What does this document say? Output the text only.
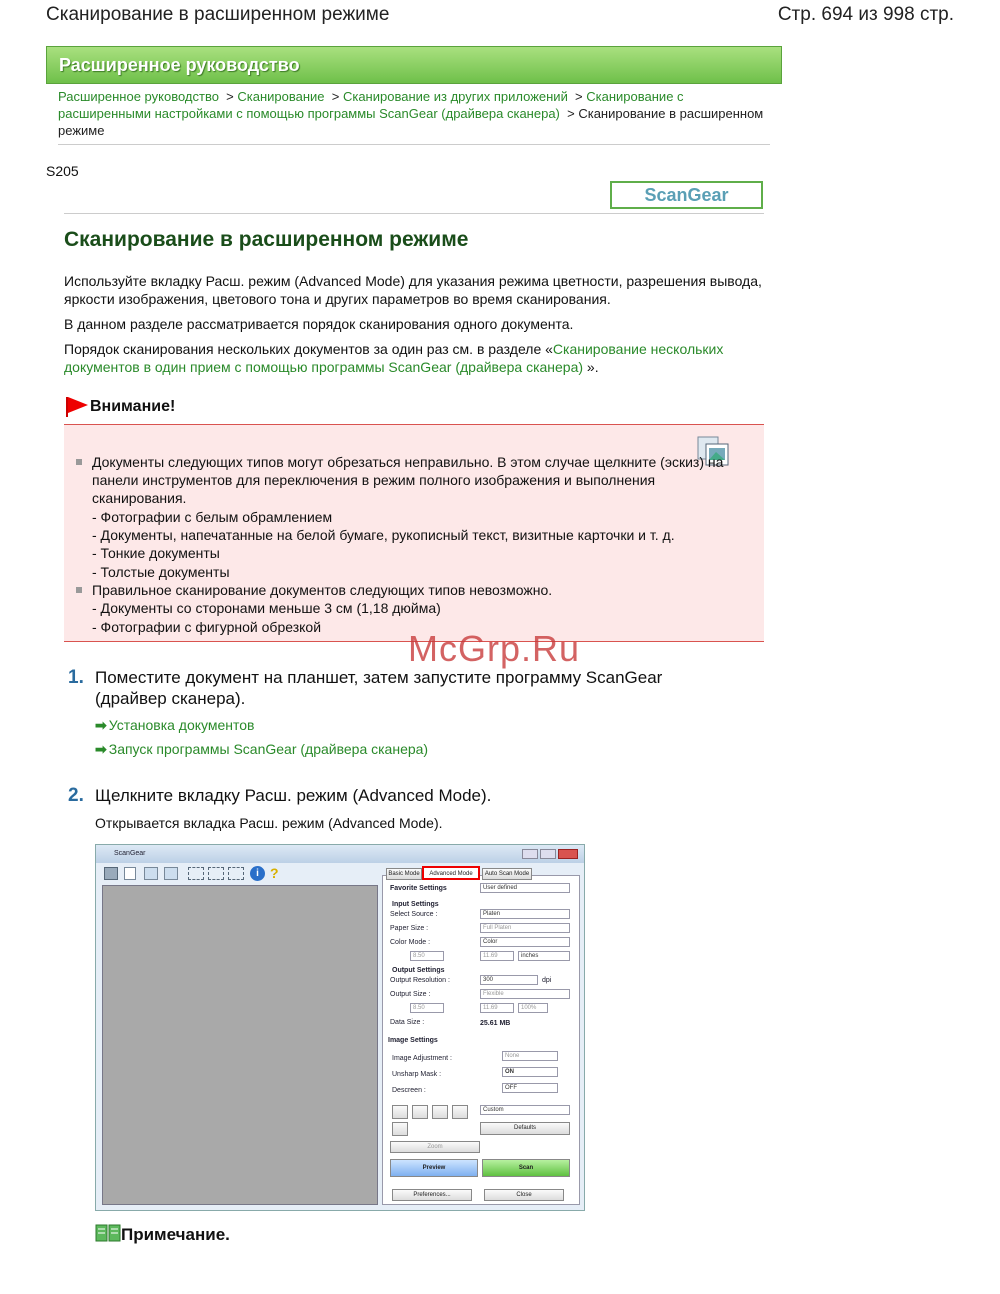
Сканирование в расширенном режиме	Стр. 694 из 998 стр.
Расширенное руководство
Расширенное руководство  > Сканирование  > Сканирование из других приложений  > Сканирование с расширенными настройками с помощью программы ScanGear (драйвера сканера)  > Сканирование в расширенном режиме
S205
ScanGear
Сканирование в расширенном режиме
Используйте вкладку Расш. режим (Advanced Mode) для указания режима цветности, разрешения вывода, яркости изображения, цветового тона и других параметров во время сканирования.
В данном разделе рассматривается порядок сканирования одного документа.
Порядок сканирования нескольких документов за один раз см. в разделе «Сканирование нескольких документов в один прием с помощью программы ScanGear (драйвера сканера) ».
Внимание!
Документы следующих типов могут обрезаться неправильно. В этом случае щелкните (эскиз) на панели инструментов для переключения в режим полного изображения и выполнения сканирования.
- Фотографии с белым обрамлением
- Документы, напечатанные на белой бумаге, рукописный текст, визитные карточки и т. д.
- Тонкие документы
- Толстые документы
Правильное сканирование документов следующих типов невозможно.
- Документы со сторонами меньше 3 см (1,18 дюйма)
- Фотографии с фигурной обрезкой
McGrp.Ru
1. Поместите документ на планшет, затем запустите программу ScanGear (драйвер сканера).
➡ Установка документов
➡ Запуск программы ScanGear (драйвера сканера)
2. Щелкните вкладку Расш. режим (Advanced Mode).
Открывается вкладка Расш. режим (Advanced Mode).
ScanGear
i ?	Basic Mode	Advanced Mode	Auto Scan Mode
Favorite Settings	User defined
Input Settings
Select Source :	Platen
Paper Size :	Full Platen
Color Mode :	Color
8.50	11.69	inches
Output Settings
Output Resolution :	300	dpi
Output Size :	Flexible
8.50	11.69	100%
Data Size :	25.61 MB
Image Settings
Image Adjustment :	None
Unsharp Mask :	ON
Descreen :	OFF
Custom
Defaults
Zoom
Preview	Scan
Preferences...	Close
Примечание.
